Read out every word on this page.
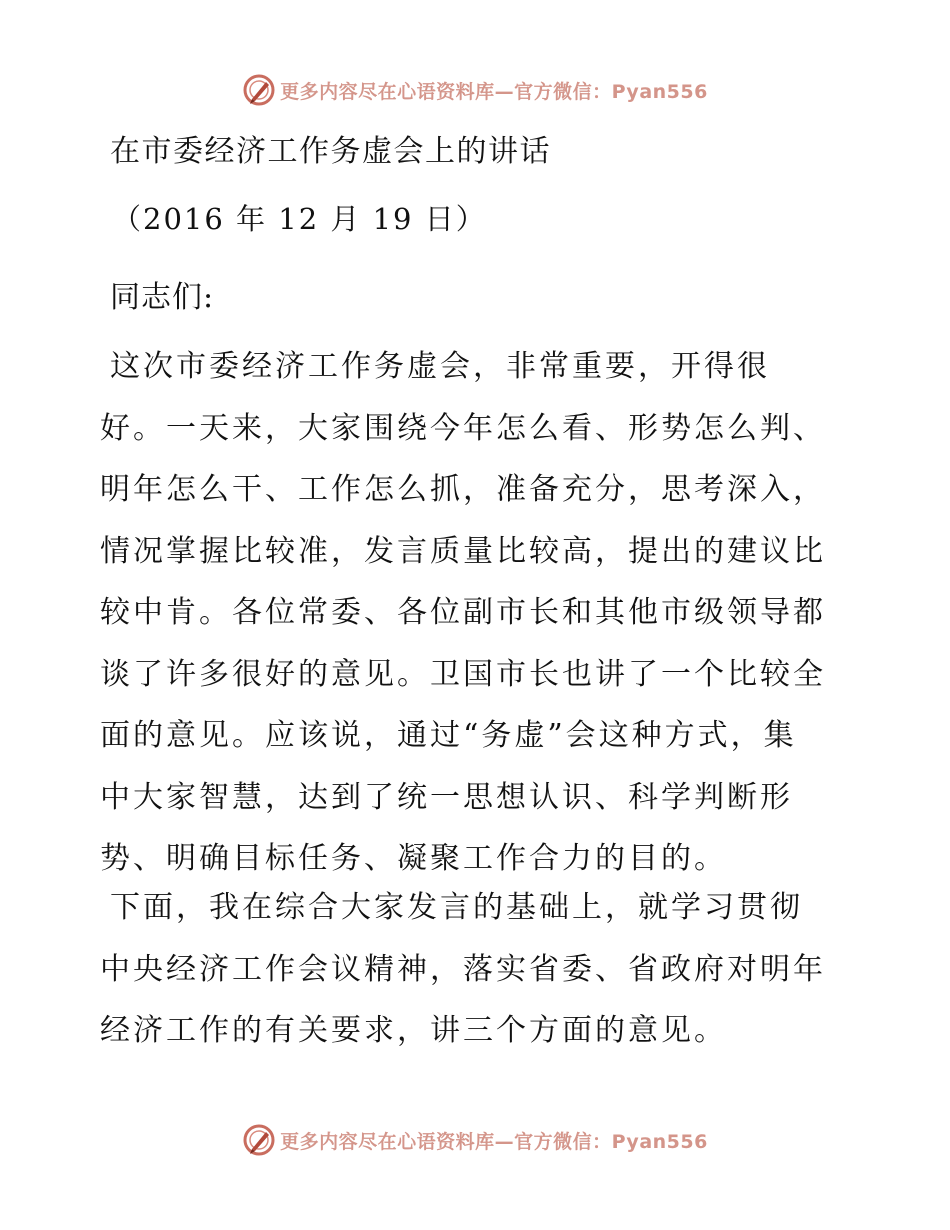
更多内容尽在心语资料库—官方微信：Pyan556
在市委经济工作务虚会上的讲话
（2016 年 12 月 19 日）
同志们:

这次市委经济工作务虚会，非常重要，开得很
好。一天来，大家围绕今年怎么看、形势怎么判、
明年怎么干、工作怎么抓，准备充分，思考深入，
情况掌握比较准，发言质量比较高，提出的建议比
较中肯。各位常委、各位副市长和其他市级领导都
谈了许多很好的意见。卫国市长也讲了一个比较全
面的意见。应该说，通过“务虚”会这种方式，集
中大家智慧，达到了统一思想认识、科学判断形
势、明确目标任务、凝聚工作合力的目的。

下面，我在综合大家发言的基础上，就学习贯彻
中央经济工作会议精神，落实省委、省政府对明年
经济工作的有关要求，讲三个方面的意见。

更多内容尽在心语资料库—官方微信：Pyan556
